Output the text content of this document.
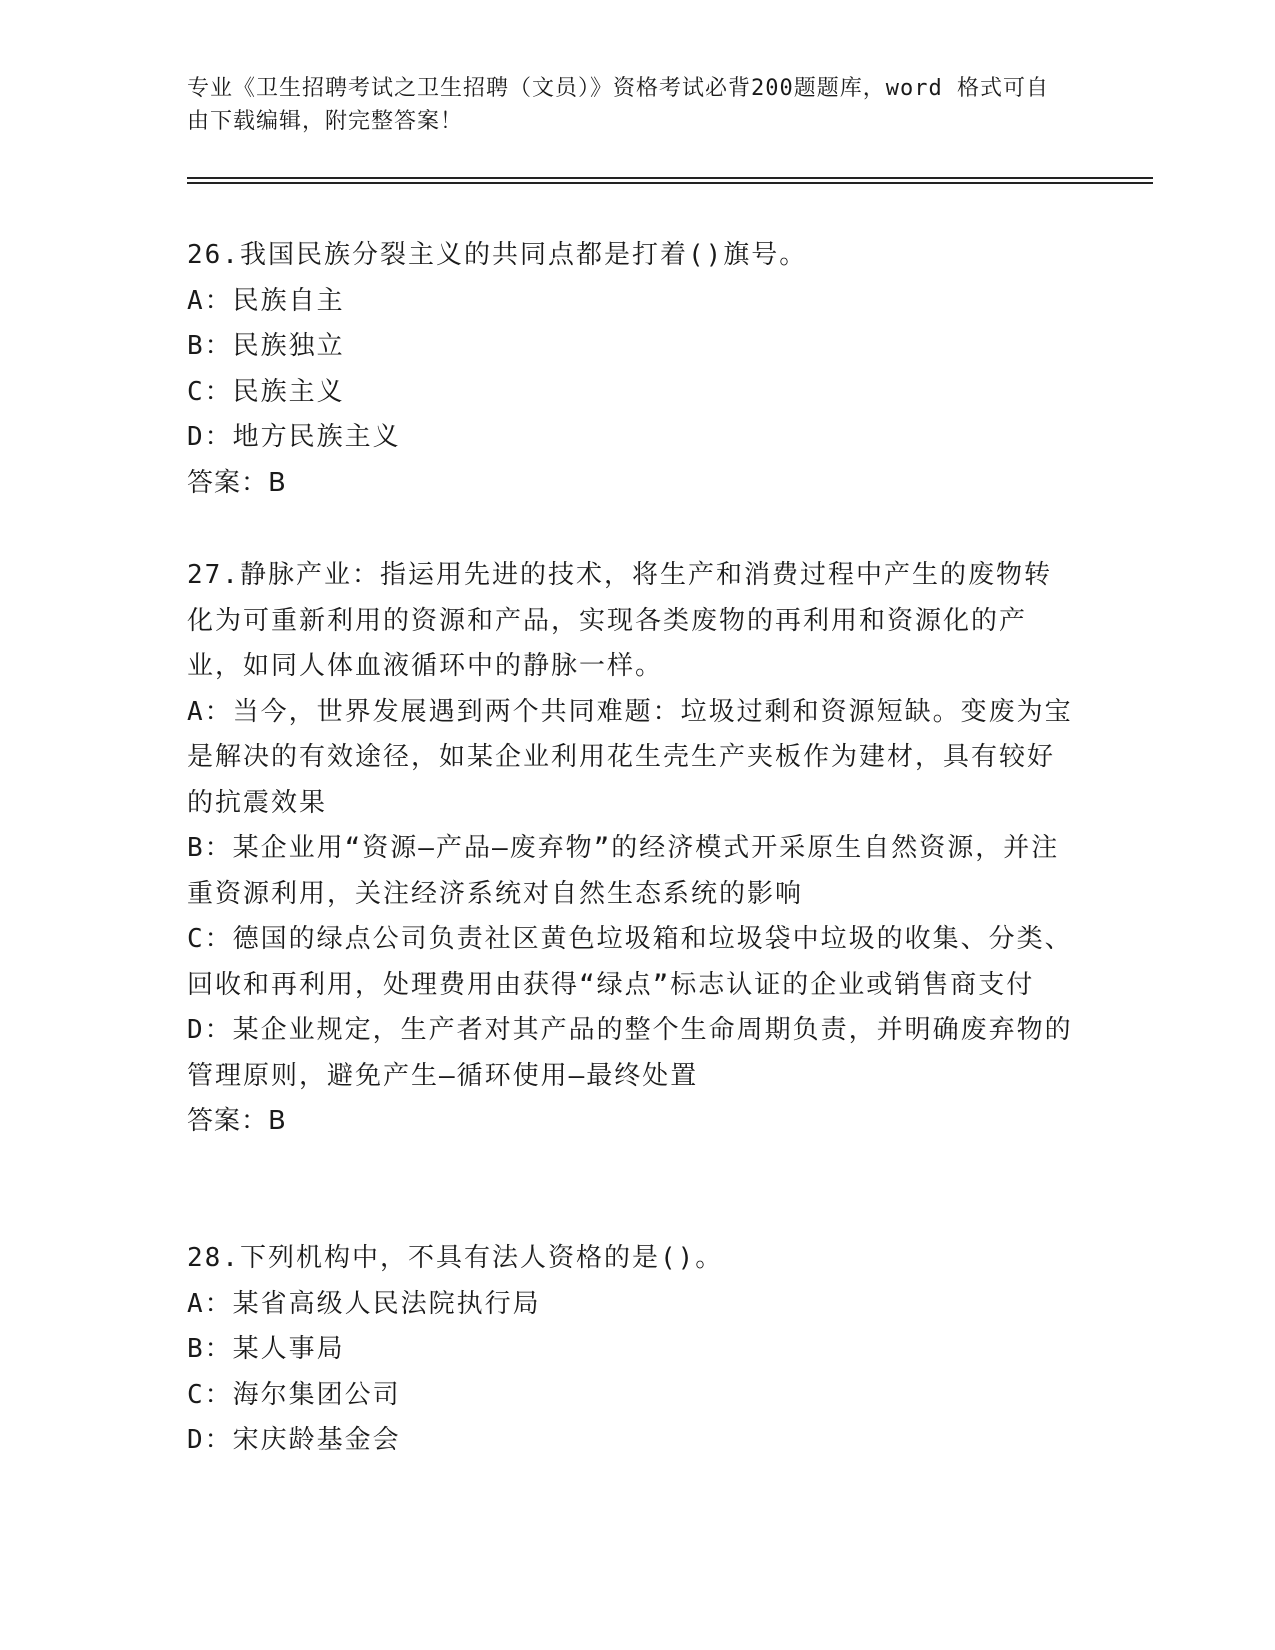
专业《卫生招聘考试之卫生招聘（文员）》资格考试必背200题题库，word 格式可自由下载编辑，附完整答案！
26.我国民族分裂主义的共同点都是打着()旗号。
A：民族自主
B：民族独立
C：民族主义
D：地方民族主义
答案：B
27.静脉产业：指运用先进的技术，将生产和消费过程中产生的废物转化为可重新利用的资源和产品，实现各类废物的再利用和资源化的产业，如同人体血液循环中的静脉一样。
A：当今，世界发展遇到两个共同难题：垃圾过剩和资源短缺。变废为宝是解决的有效途径，如某企业利用花生壳生产夹板作为建材，具有较好的抗震效果
B：某企业用“资源—产品—废弃物”的经济模式开采原生自然资源，并注重资源利用，关注经济系统对自然生态系统的影响
C：德国的绿点公司负责社区黄色垃圾箱和垃圾袋中垃圾的收集、分类、回收和再利用，处理费用由获得“绿点”标志认证的企业或销售商支付
D：某企业规定，生产者对其产品的整个生命周期负责，并明确废弃物的管理原则，避免产生—循环使用—最终处置
答案：B
28.下列机构中，不具有法人资格的是()。
A：某省高级人民法院执行局
B：某人事局
C：海尔集团公司
D：宋庆龄基金会
